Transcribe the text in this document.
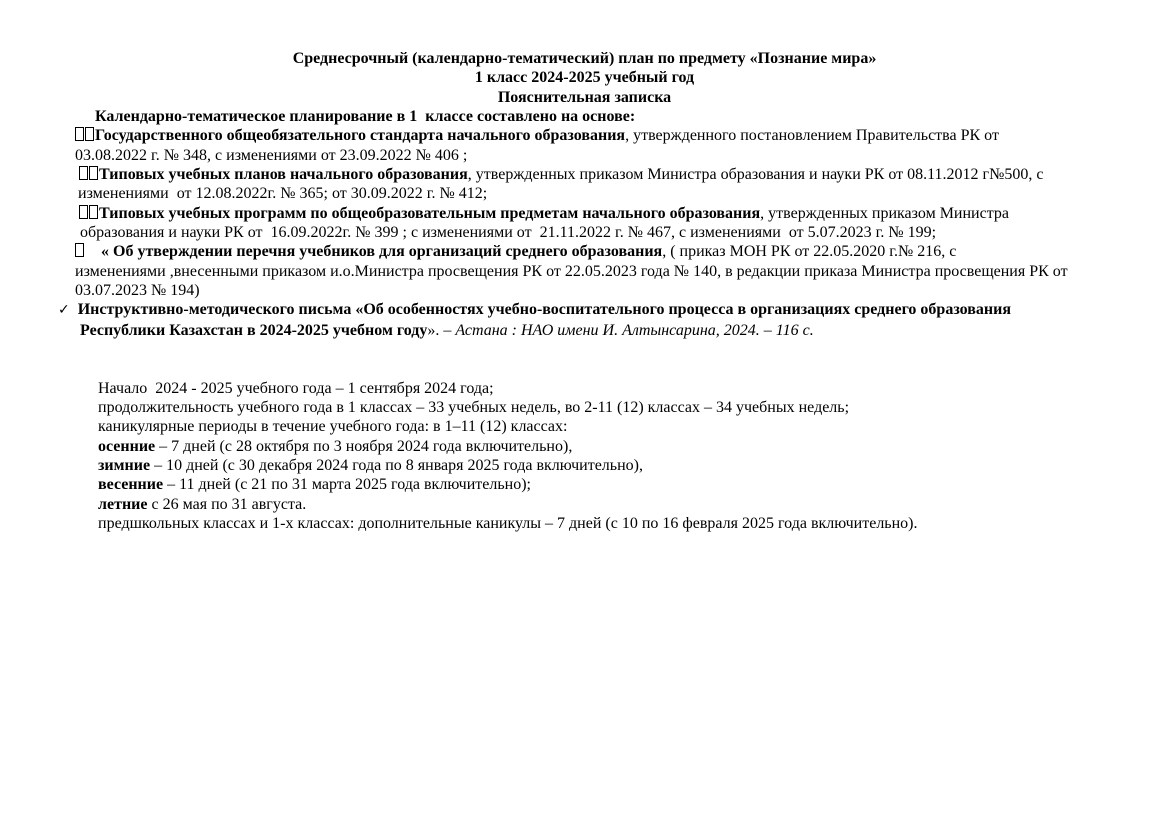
Среднесрочный (календарно-тематический) план по предмету «Познание мира»
1 класс 2024-2025 учебный год
Пояснительная записка
Календарно-тематическое планирование в 1  классе составлено на основе:
Государственного общеобязательного стандарта начального образования, утвержденного постановлением Правительства РК от
03.08.2022 г. № 348, с изменениями от 23.09.2022 № 406 ;
Типовых учебных планов начального образования, утвержденных приказом Министра образования и науки РК от 08.11.2012 г№500, с
изменениями  от 12.08.2022г. № 365; от 30.09.2022 г. № 412;
Типовых учебных программ по общеобразовательным предметам начального образования, утвержденных приказом Министра
образования и науки РК от  16.09.2022г. № 399 ; с изменениями от  21.11.2022 г. № 467, с изменениями  от 5.07.2023 г. № 199;
« Об утверждении перечня учебников для организаций среднего образования, ( приказ МОН РК от 22.05.2020 г.№ 216, с
изменениями ,внесенными приказом и.о.Министра просвещения РК от 22.05.2023 года № 140, в редакции приказа Министра просвещения РК от
03.07.2023 № 194)
✓  Инструктивно-методического письма «Об особенностях учебно-воспитательного процесса в организациях среднего образования
Республики Казахстан в 2024-2025 учебном году». – Астана : НАО имени И. Алтынсарина, 2024. – 116 с.
Начало  2024 - 2025 учебного года – 1 сентября 2024 года;
продолжительность учебного года в 1 классах – 33 учебных недель, во 2-11 (12) классах – 34 учебных недель;
каникулярные периоды в течение учебного года: в 1–11 (12) классах:
осенние – 7 дней (с 28 октября по 3 ноября 2024 года включительно),
зимние – 10 дней (с 30 декабря 2024 года по 8 января 2025 года включительно),
весенние – 11 дней (с 21 по 31 марта 2025 года включительно);
летние с 26 мая по 31 августа.
предшкольных классах и 1-х классах: дополнительные каникулы – 7 дней (с 10 по 16 февраля 2025 года включительно).
